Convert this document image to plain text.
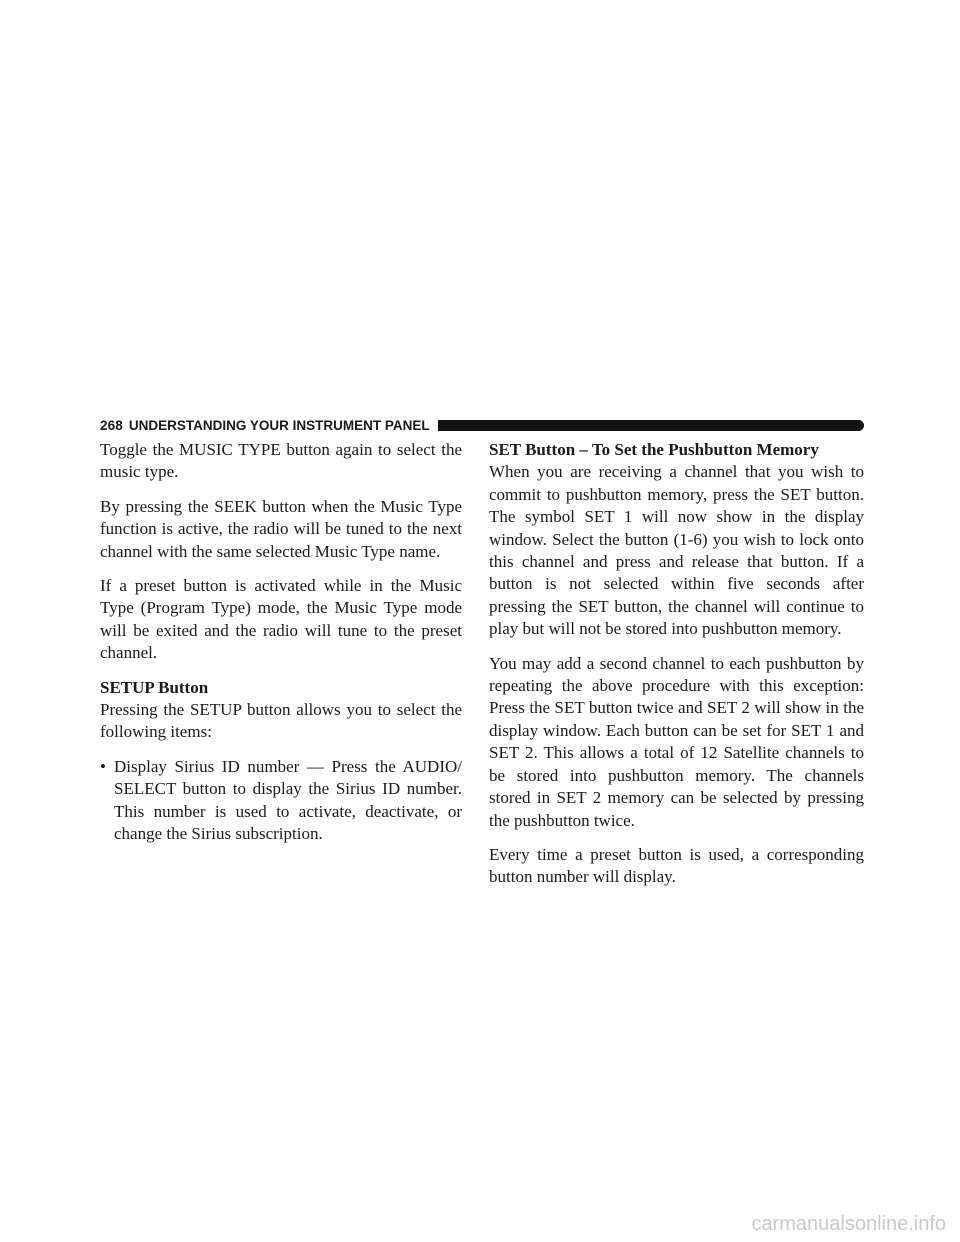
268 UNDERSTANDING YOUR INSTRUMENT PANEL

Toggle the MUSIC TYPE button again to select the music type.

By pressing the SEEK button when the Music Type function is active, the radio will be tuned to the next channel with the same selected Music Type name.

If a preset button is activated while in the Music Type (Program Type) mode, the Music Type mode will be exited and the radio will tune to the preset channel.

SETUP Button

Pressing the SETUP button allows you to select the following items:

• Display Sirius ID number — Press the AUDIO/ SELECT button to display the Sirius ID number. This number is used to activate, deactivate, or change the Sirius subscription.
SET Button – To Set the Pushbutton Memory

When you are receiving a channel that you wish to commit to pushbutton memory, press the SET button. The symbol SET 1 will now show in the display window. Select the button (1-6) you wish to lock onto this channel and press and release that button. If a button is not selected within five seconds after pressing the SET button, the channel will continue to play but will not be stored into pushbutton memory.

You may add a second channel to each pushbutton by repeating the above procedure with this exception: Press the SET button twice and SET 2 will show in the display window. Each button can be set for SET 1 and SET 2. This allows a total of 12 Satellite channels to be stored into pushbutton memory. The channels stored in SET 2 memory can be selected by pressing the pushbutton twice.

Every time a preset button is used, a corresponding button number will display.

carmanualsonline.info
